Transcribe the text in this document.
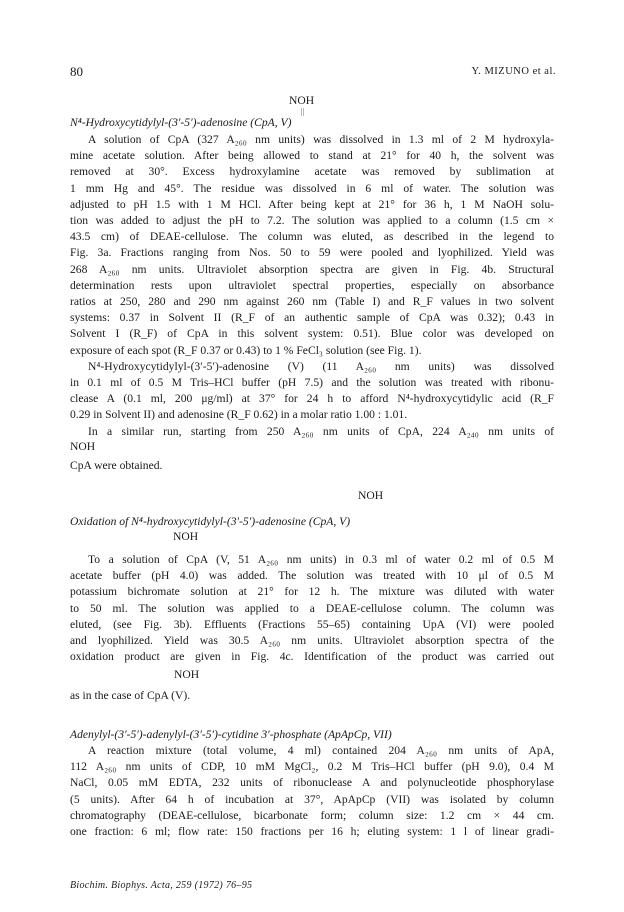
80	Y. MIZUNO et al.
NOH
||
N⁴-Hydroxycytidylyl-(3′-5′)-adenosine (CpA, V)
A solution of CpA (327 A₂₆₀ nm units) was dissolved in 1.3 ml of 2 M hydroxyla-
mine acetate solution. After being allowed to stand at 21° for 40 h, the solvent was
removed at 30°. Excess hydroxylamine acetate was removed by sublimation at
1 mm Hg and 45°. The residue was dissolved in 6 ml of water. The solution was
adjusted to pH 1.5 with 1 M HCl. After being kept at 21° for 36 h, 1 M NaOH solu-
tion was added to adjust the pH to 7.2. The solution was applied to a column (1.5 cm ×
43.5 cm) of DEAE-cellulose. The column was eluted, as described in the legend to
Fig. 3a. Fractions ranging from Nos. 50 to 59 were pooled and lyophilized. Yield was
268 A₂₆₀ nm units. Ultraviolet absorption spectra are given in Fig. 4b. Structural
determination rests upon ultraviolet spectral properties, especially on absorbance
ratios at 250, 280 and 290 nm against 260 nm (Table I) and R_F values in two solvent
systems: 0.37 in Solvent II (R_F of an authentic sample of CpA was 0.32); 0.43 in
Solvent I (R_F) of CpA in this solvent system: 0.51). Blue color was developed on
exposure of each spot (R_F 0.37 or 0.43) to 1 % FeCl₃ solution (see Fig. 1).
N⁴-Hydroxycytidylyl-(3′-5′)-adenosine (V) (11 A₂₆₀ nm units) was dissolved
in 0.1 ml of 0.5 M Tris–HCl buffer (pH 7.5) and the solution was treated with ribonu-
clease A (0.1 ml, 200 μg/ml) at 37° for 24 h to afford N⁴-hydroxycytidylic acid (R_F
0.29 in Solvent II) and adenosine (R_F 0.62) in a molar ratio 1.00 : 1.01.
In a similar run, starting from 250 A₂₆₀ nm units of CpA, 224 A₂₄₀ nm units of
NOH
CpA were obtained.
NOH
Oxidation of N⁴-hydroxycytidylyl-(3′-5′)-adenosine (CpA, V)
NOH
To a solution of CpA (V, 51 A₂₆₀ nm units) in 0.3 ml of water 0.2 ml of 0.5 M
acetate buffer (pH 4.0) was added. The solution was treated with 10 μl of 0.5 M
potassium bichromate solution at 21° for 12 h. The mixture was diluted with water
to 50 ml. The solution was applied to a DEAE-cellulose column. The column was
eluted, (see Fig. 3b). Effluents (Fractions 55–65) containing UpA (VI) were pooled
and lyophilized. Yield was 30.5 A₂₆₀ nm units. Ultraviolet absorption spectra of the
oxidation product are given in Fig. 4c. Identification of the product was carried out
NOH
as in the case of CpA (V).
Adenylyl-(3′-5′)-adenylyl-(3′-5′)-cytidine 3′-phosphate (ApApCp, VII)
A reaction mixture (total volume, 4 ml) contained 204 A₂₆₀ nm units of ApA,
112 A₂₆₀ nm units of CDP, 10 mM MgCl₂, 0.2 M Tris–HCl buffer (pH 9.0), 0.4 M
NaCl, 0.05 mM EDTA, 232 units of ribonuclease A and polynucleotide phosphorylase
(5 units). After 64 h of incubation at 37°, ApApCp (VII) was isolated by column
chromatography (DEAE-cellulose, bicarbonate form; column size: 1.2 cm × 44 cm.
one fraction: 6 ml; flow rate: 150 fractions per 16 h; eluting system: 1 l of linear gradi-
Biochim. Biophys. Acta, 259 (1972) 76–95
